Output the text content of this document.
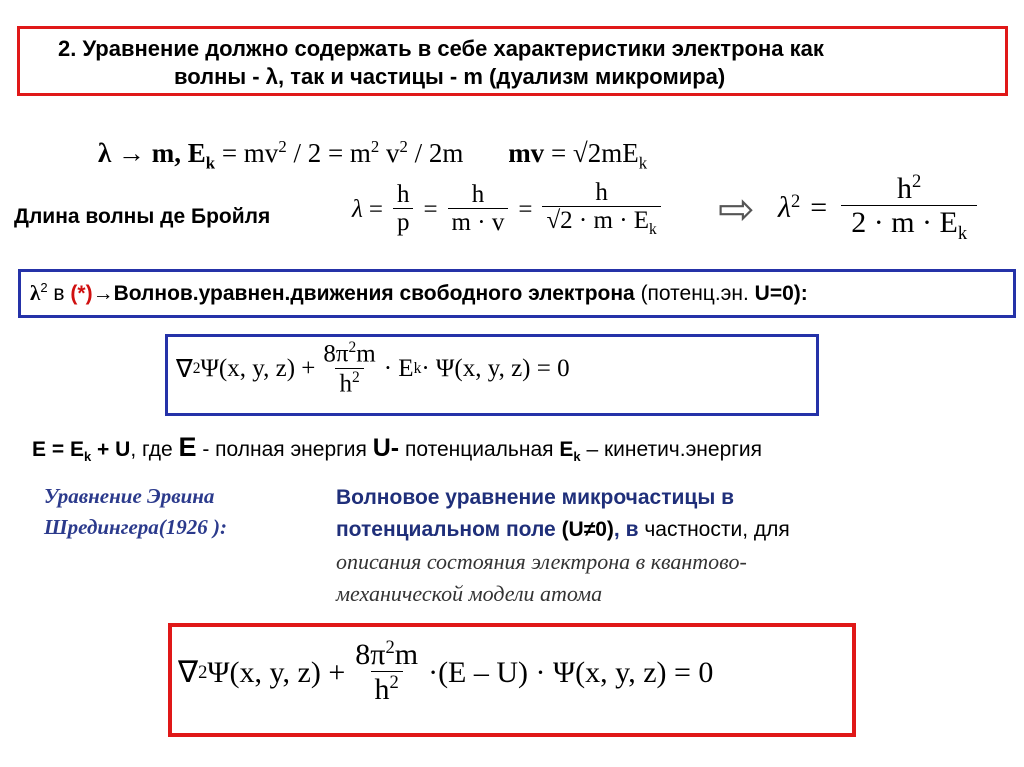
2. Уравнение должно содержать в себе характеристики электрона как
волны - λ, так и частицы - m (дуализм микромира)
λ → m, $E_k = mv^2 / 2 = m^2$ $v^2 / 2m$ mv = $√2mE_k$
Длина волны де Бройля	$\lambda = \frac{h}{p} = \frac{h}{m \cdot v} = \frac{h}{√2 \cdot m \cdot E_k}$ ⇨ $\lambda^2 = \frac{h^2}{2 \cdot m \cdot E_k}$
$\lambda^2$ в (*)→Волнов.уравнен.движения свободного электрона (потенц.эн. U=0):
∇ 2 Ψ(x, y, $z) + \frac{8\pi^2m}{h^2} \cdot E$ k · Ψ(x, y, z) = 0
$E = E_k + U$, где E - полная энергия U- потенциальная $E_k$ – кинетич.энергия
Уравнение Эрвина
Шредингера(1926 ):
Волновое уравнение микрочастицы в
потенциальном поле (U≠0), в частности, для
описания состояния электрона в квантово-
механической модели атома
∇ 2 Ψ(x, y, $z) + \frac{8\pi^2m}{h^2} \cdot(E - U) \cdot \Psi(x$, y, z) = 0
